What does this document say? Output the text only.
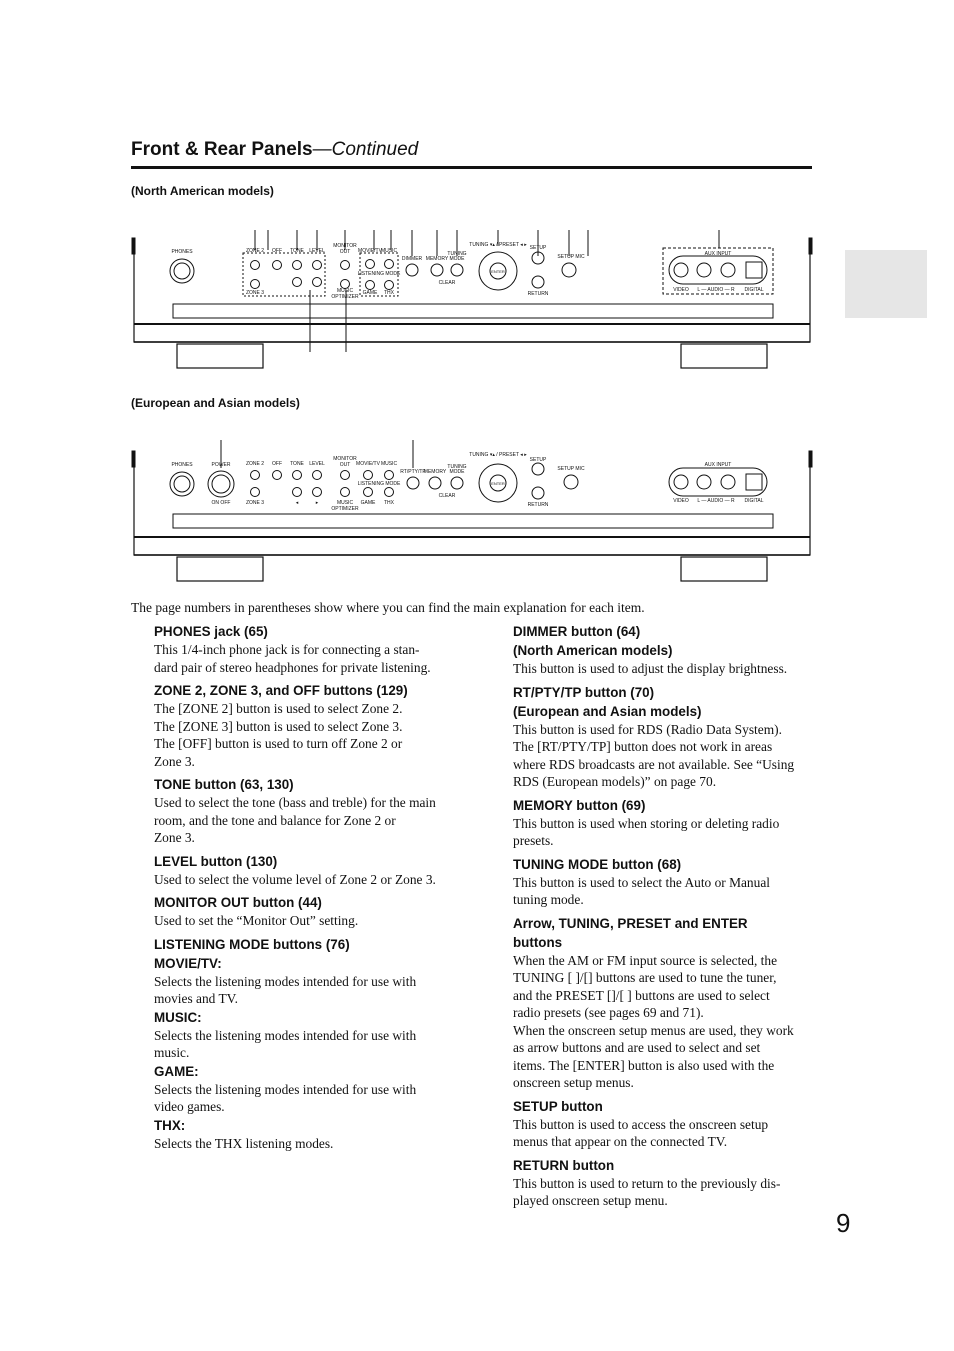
Front & Rear Panels—Continued
(North American models)
PHONES	ZONE 2 OFF TONE LEVEL
ZONE 3
MONITOR
OUT
MUSIC
OPTIMIZER
MOVIE/TV
MUSIC
LISTENING MODE
GAME THX
DIMMER MEMORY
TUNING
MODE
CLEAR
TUNING ▾▴ / PRESET ◂ ▸
ENTER
SETUP
RETURN
SETUP MIC	AUX INPUT
VIDEO L — AUDIO — R DIGITAL
(European and Asian models)
PHONES	POWER
ON OFF
ZONE 2 OFF TONE LEVEL
ZONE 3	◂	▸
MONITOR
OUT
MUSIC
OPTIMIZER
MOVIE/TV MUSIC
LISTENING MODE
GAME THX
RT/PTY/TP
MEMORY
TUNING
MODE
CLEAR
TUNING ▾▴ / PRESET ◂ ▸
ENTER
SETUP
RETURN
SETUP MIC
AUX INPUT
VIDEO L — AUDIO — R DIGITAL
The page numbers in parentheses show where you can find the main explanation for each item.
PHONES jack (65)
This 1/4-inch phone jack is for connecting a stan-
dard pair of stereo headphones for private listening.
ZONE 2, ZONE 3, and OFF buttons (129)
The [ZONE 2] button is used to select Zone 2.
The [ZONE 3] button is used to select Zone 3.
The [OFF] button is used to turn off Zone 2 or
Zone 3.
TONE button (63, 130)
Used to select the tone (bass and treble) for the main
room, and the tone and balance for Zone 2 or
Zone 3.
LEVEL button (130)
Used to select the volume level of Zone 2 or Zone 3.
MONITOR OUT button (44)
Used to set the “Monitor Out” setting.
LISTENING MODE buttons (76)
MOVIE/TV:
Selects the listening modes intended for use with
movies and TV.
MUSIC:
Selects the listening modes intended for use with
music.
GAME:
Selects the listening modes intended for use with
video games.
THX:
Selects the THX listening modes.
DIMMER button (64)
(North American models)
This button is used to adjust the display brightness.
RT/PTY/TP button (70)
(European and Asian models)
This button is used for RDS (Radio Data System).
The [RT/PTY/TP] button does not work in areas
where RDS broadcasts are not available. See “Using
RDS (European models)” on page 70.
MEMORY button (69)
This button is used when storing or deleting radio
presets.
TUNING MODE button (68)
This button is used to select the Auto or Manual
tuning mode.
Arrow, TUNING, PRESET and ENTER
buttons
When the AM or FM input source is selected, the
TUNING [ ]/[] buttons are used to tune the tuner,
and the PRESET []/[ ] buttons are used to select
radio presets (see pages 69 and 71).
When the onscreen setup menus are used, they work
as arrow buttons and are used to select and set
items. The [ENTER] button is also used with the
onscreen setup menus.
SETUP button
This button is used to access the onscreen setup
menus that appear on the connected TV.
RETURN button
This button is used to return to the previously dis-
played onscreen setup menu.
9
